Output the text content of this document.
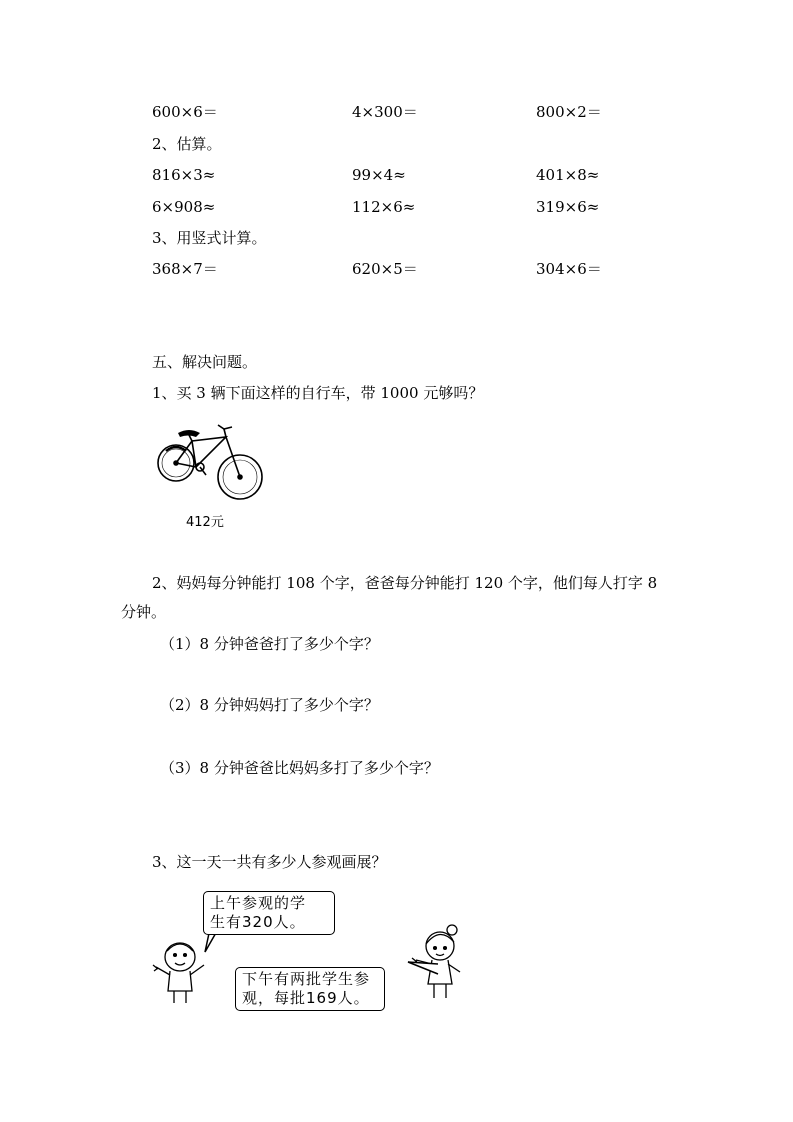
600×6＝	4×300＝	800×2＝
2、估算。
816×3≈	99×4≈	401×8≈
6×908≈	112×6≈	319×6≈
3、用竖式计算。
368×7＝	620×5＝	304×6＝
五、解决问题。
1、买 3 辆下面这样的自行车，带 1000 元够吗？
412元
2、妈妈每分钟能打 108 个字，爸爸每分钟能打 120 个字，他们每人打字 8
分钟。
（1）8 分钟爸爸打了多少个字？
（2）8 分钟妈妈打了多少个字？
（3）8 分钟爸爸比妈妈多打了多少个字？
3、这一天一共有多少人参观画展？
上午参观的学
生有320人。
下午有两批学生参
观，每批169人。
